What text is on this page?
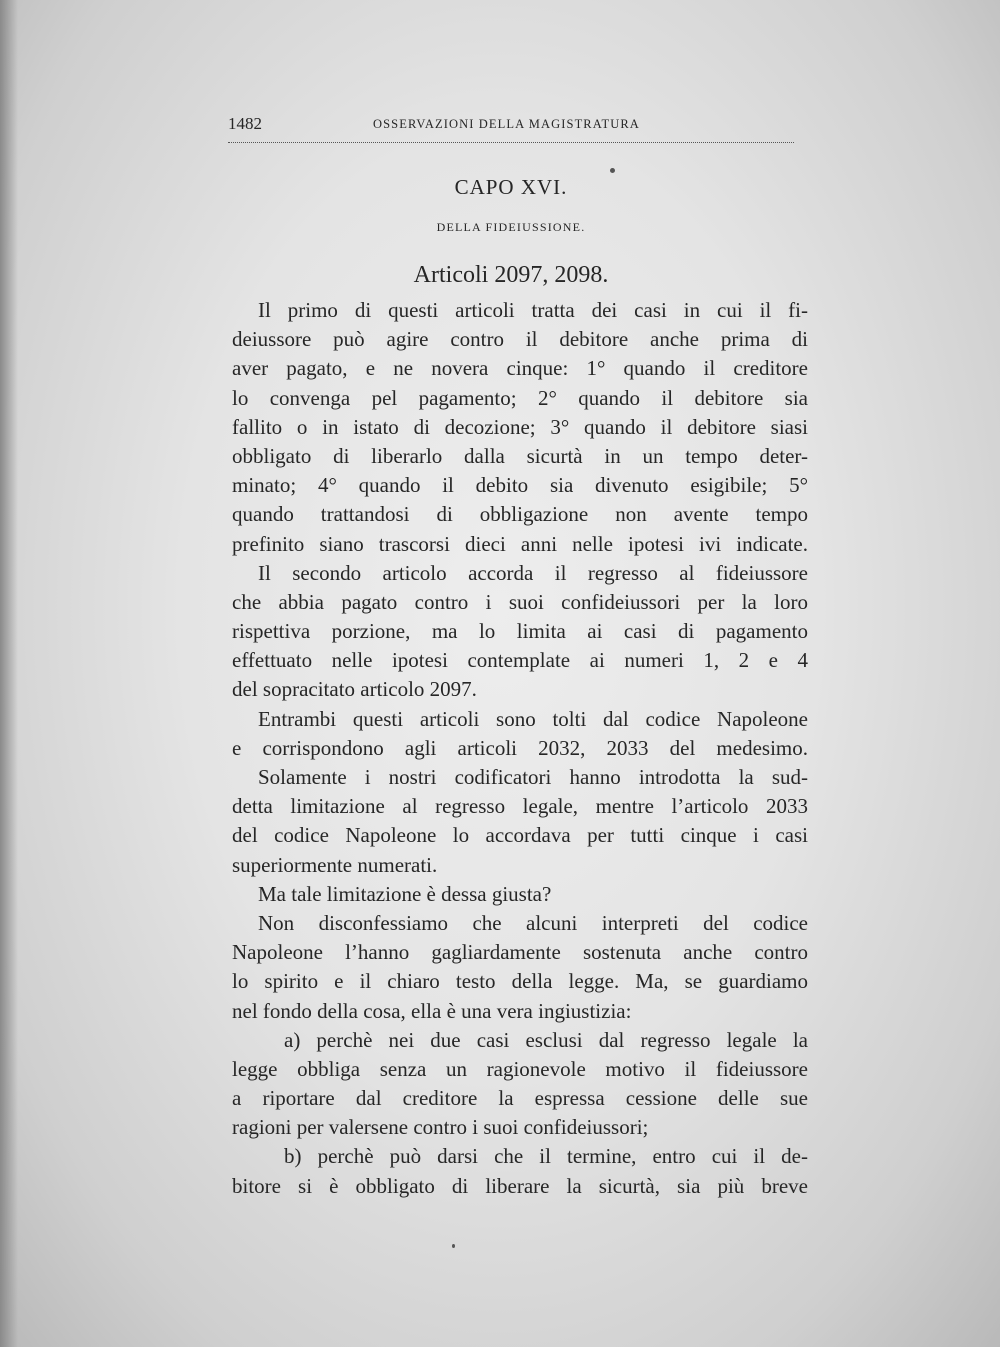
1482	OSSERVAZIONI DELLA MAGISTRATURA
CAPO XVI.
DELLA FIDEIUSSIONE.
Articoli 2097, 2098.
Il primo di questi articoli tratta dei casi in cui il fi-
deiussore può agire contro il debitore anche prima di
aver pagato, e ne novera cinque: 1° quando il creditore
lo convenga pel pagamento; 2° quando il debitore sia
fallito o in istato di decozione; 3° quando il debitore siasi
obbligato di liberarlo dalla sicurtà in un tempo deter-
minato; 4° quando il debito sia divenuto esigibile; 5°
quando trattandosi di obbligazione non avente tempo
prefinito siano trascorsi dieci anni nelle ipotesi ivi indicate.
Il secondo articolo accorda il regresso al fideiussore
che abbia pagato contro i suoi confideiussori per la loro
rispettiva porzione, ma lo limita ai casi di pagamento
effettuato nelle ipotesi contemplate ai numeri 1, 2 e 4
del sopracitato articolo 2097.
Entrambi questi articoli sono tolti dal codice Napoleone
e corrispondono agli articoli 2032, 2033 del medesimo.
Solamente i nostri codificatori hanno introdotta la sud-
detta limitazione al regresso legale, mentre l’articolo 2033
del codice Napoleone lo accordava per tutti cinque i casi
superiormente numerati.
Ma tale limitazione è dessa giusta?
Non disconfessiamo che alcuni interpreti del codice
Napoleone l’hanno gagliardamente sostenuta anche contro
lo spirito e il chiaro testo della legge. Ma, se guardiamo
nel fondo della cosa, ella è una vera ingiustizia:
a) perchè nei due casi esclusi dal regresso legale la
legge obbliga senza un ragionevole motivo il fideiussore
a riportare dal creditore la espressa cessione delle sue
ragioni per valersene contro i suoi confideiussori;
b) perchè può darsi che il termine, entro cui il de-
bitore si è obbligato di liberare la sicurtà, sia più breve
